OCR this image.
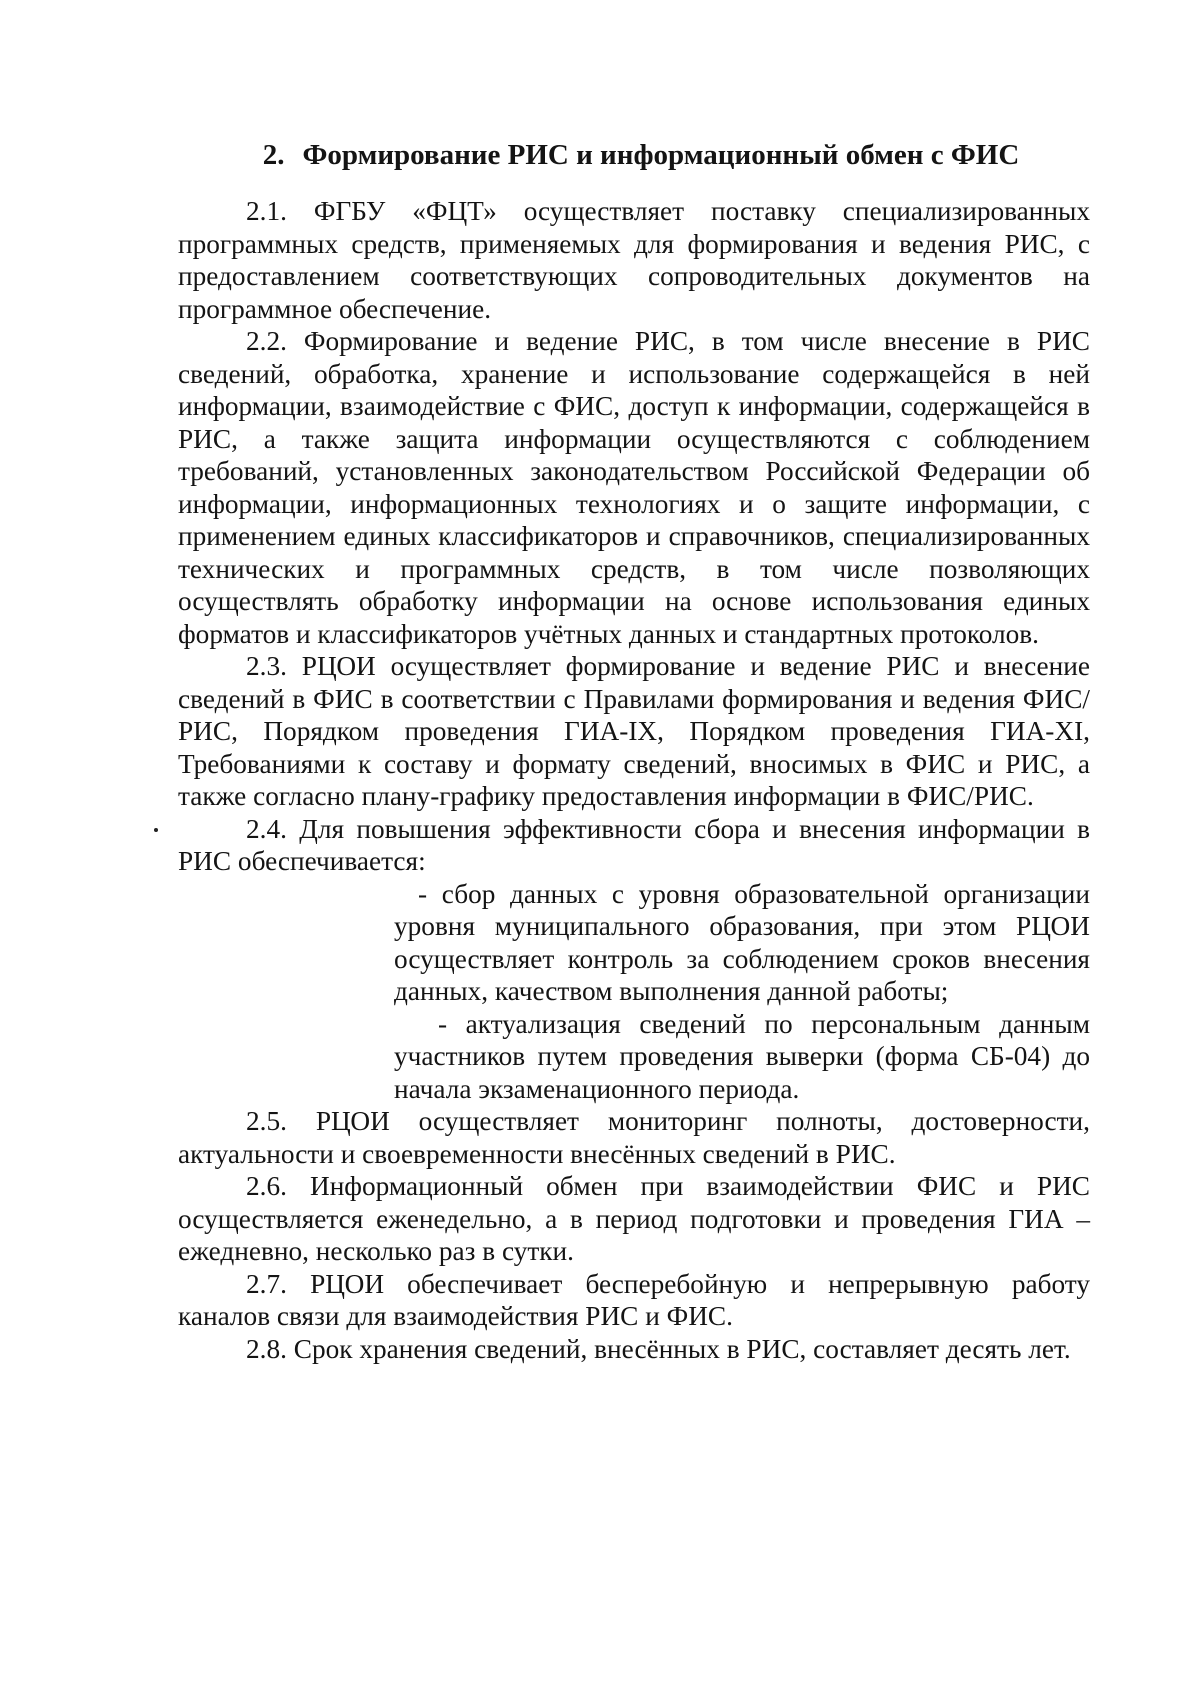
2. Формирование РИС и информационный обмен с ФИС

2.1. ФГБУ «ФЦТ» осуществляет поставку специализированных программных средств, применяемых для формирования и ведения РИС, с предоставлением соответствующих сопроводительных документов на программное обеспечение.

2.2. Формирование и ведение РИС, в том числе внесение в РИС сведений, обработка, хранение и использование содержащейся в ней информации, взаимодействие с ФИС, доступ к информации, содержащейся в РИС, а также защита информации осуществляются с соблюдением требований, установленных законодательством Российской Федерации об информации, информационных технологиях и о защите информации, с применением единых классификаторов и справочников, специализированных технических и программных средств, в том числе позволяющих осуществлять обработку информации на основе использования единых форматов и классификаторов учётных данных и стандартных протоколов.

2.3. РЦОИ осуществляет формирование и ведение РИС и внесение сведений в ФИС в соответствии с Правилами формирования и ведения ФИС/РИС, Порядком проведения ГИА-IX, Порядком проведения ГИА-XI, Требованиями к составу и формату сведений, вносимых в ФИС и РИС, а также согласно плану-графику предоставления информации в ФИС/РИС.

2.4. Для повышения эффективности сбора и внесения информации в РИС обеспечивается:

- сбор данных с уровня образовательной организации уровня муниципального образования, при этом РЦОИ осуществляет контроль за соблюдением сроков внесения данных, качеством выполнения данной работы;

- актуализация сведений по персональным данным участников путем проведения выверки (форма СБ-04) до начала экзаменационного периода.

2.5. РЦОИ осуществляет мониторинг полноты, достоверности, актуальности и своевременности внесённых сведений в РИС.

2.6. Информационный обмен при взаимодействии ФИС и РИС осуществляется еженедельно, а в период подготовки и проведения ГИА – ежедневно, несколько раз в сутки.

2.7. РЦОИ обеспечивает бесперебойную и непрерывную работу каналов связи для взаимодействия РИС и ФИС.

2.8. Срок хранения сведений, внесённых в РИС, составляет десять лет.
